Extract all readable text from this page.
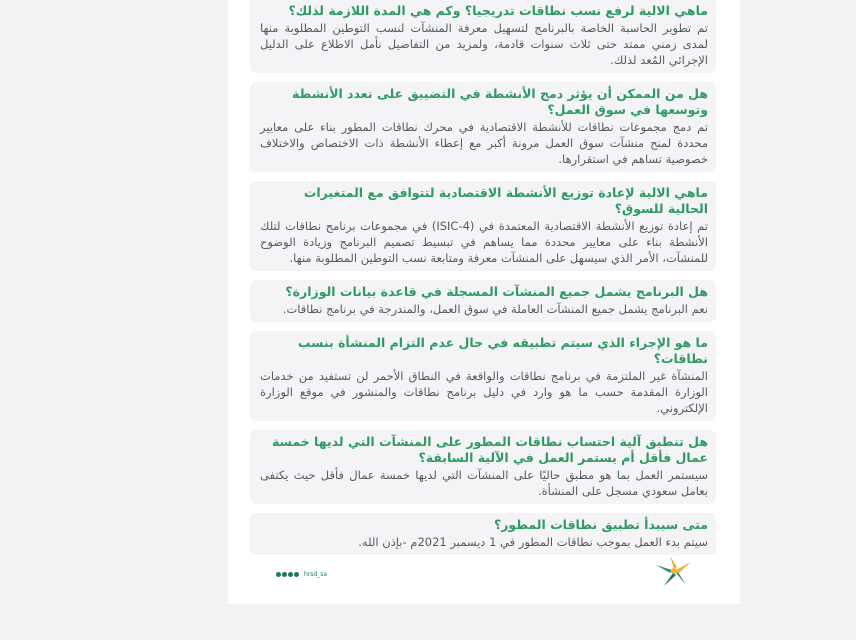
ماهي الالية لرفع نسب نطاقات تدريجيا؟ وكم هي المدة اللازمة لذلك؟

تم تطوير الحاسبة الخاصة بالبرنامج لتسهيل معرفة المنشآت لنسب التوطين المطلوبة منها لمدى زمني ممتد حتى ثلاث سنوات قادمة، ولمزيد من التفاصيل نأمل الاطلاع على الدليل الإجرائي المُعد لذلك.

هل من الممكن أن يؤثر دمج الأنشطة في التضييق على تعدد الأنشطة وتوسعها في سوق العمل؟

تم دمج مجموعات نطاقات للأنشطة الاقتصادية في محرك نطاقات المطور بناء على معايير محددة لمنح منشآت سوق العمل مرونة أكبر مع إعطاء الأنشطة ذات الاختصاص والاختلاف خصوصية تساهم في استقرارها.

ماهي الالية لإعادة توزيع الأنشطة الاقتصادية لتتوافق مع المتغيرات الحالية للسوق؟

تم إعادة توزيع الأنشطة الاقتصادية المعتمدة في (ISIC-4) في مجموعات برنامج نطاقات لتلك الأنشطة بناء على معايير محددة مما يساهم في تبسيط تصميم البرنامج وزيادة الوضوح للمنشآت، الأمر الذي سيسهل على المنشآت معرفة ومتابعة نسب التوطين المطلوبة منها.

هل البرنامج يشمل جميع المنشآت المسجلة في قاعدة بيانات الوزارة؟

نعم البرنامج يشمل جميع المنشآت العاملة في سوق العمل، والمندرجة في برنامج نطاقات.

ما هو الإجراء الذي سيتم تطبيقه في حال عدم التزام المنشأة بنسب نطاقات؟

المنشآة غير الملتزمة في برنامج نطاقات والواقعة في النطاق الأحمر لن تستفيد من خدمات الوزارة المقدمة حسب ما هو وارد في دليل برنامج نطاقات والمنشور في موقع الوزارة الإلكتروني.

هل تنطبق آلية احتساب نطاقات المطور على المنشآت التي لديها خمسة عمال فأقل أم يستمر العمل في الآلية السابقة؟

سيستمر العمل بما هو مطبق حاليًا على المنشآت التي لديها خمسة عمال فأقل حيث يكتفى بعامل سعودي مسجل على المنشأة.

متى سيبدأ تطبيق نطاقات المطور؟

سيتم بدء العمل بموجب نطاقات المطور في 1 ديسمبر 2021م -بإذن الله.

hrsd_sa
